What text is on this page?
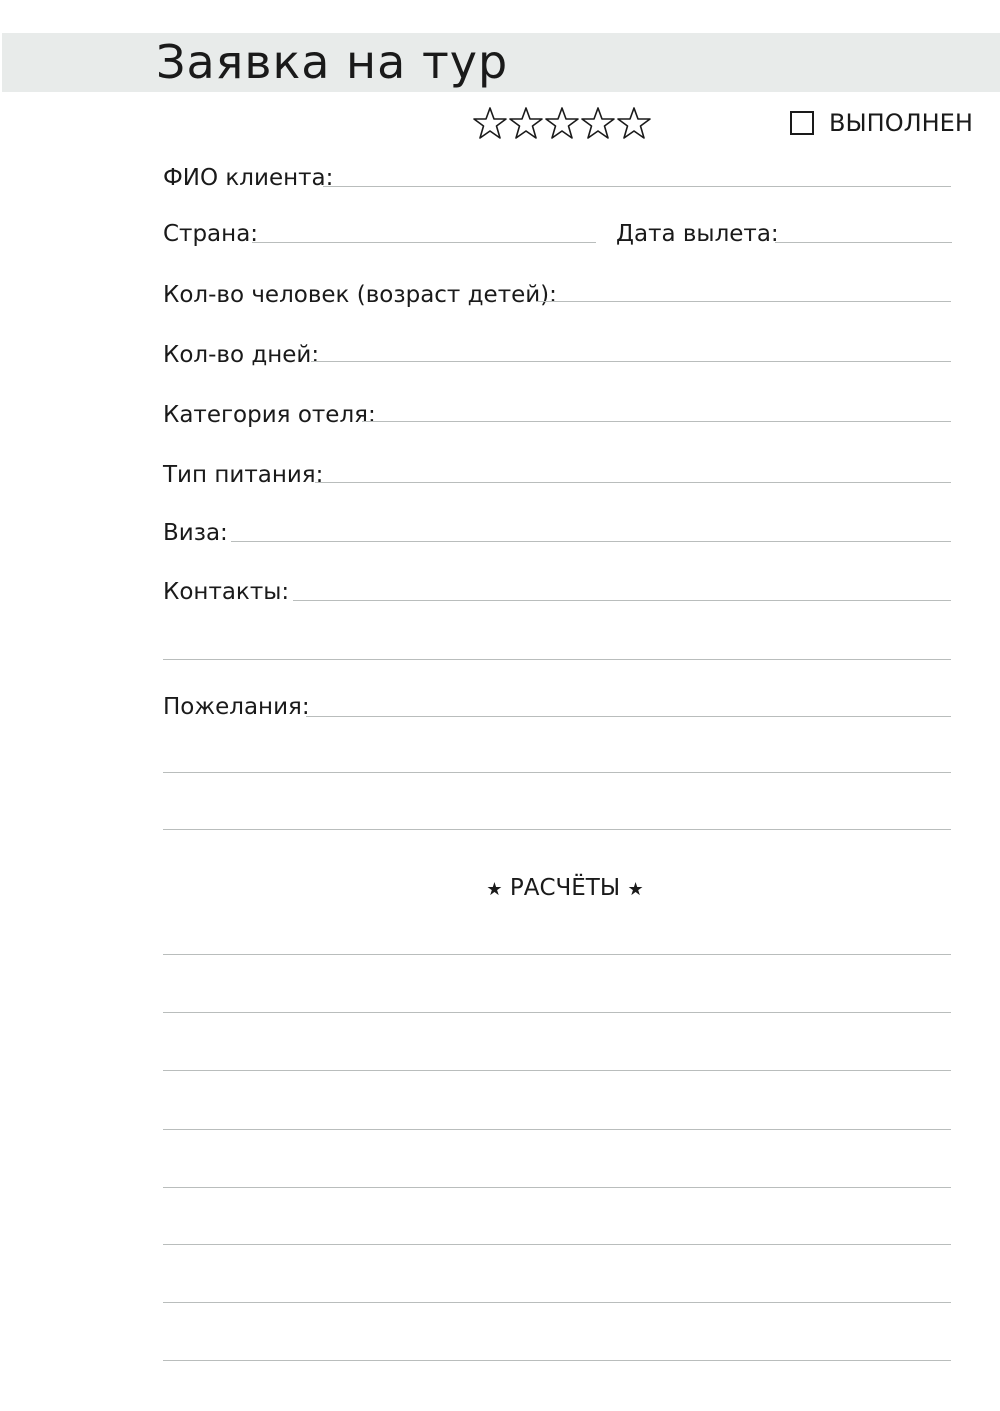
Заявка на тур
ВЫПОЛНЕН
ФИО клиента:
Страна:	Дата вылета:
Кол-во человек (возраст детей):
Кол-во дней:
Категория отеля:
Тип питания:
Виза:
Контакты:
Пожелания:
★ РАСЧЁТЫ ★
